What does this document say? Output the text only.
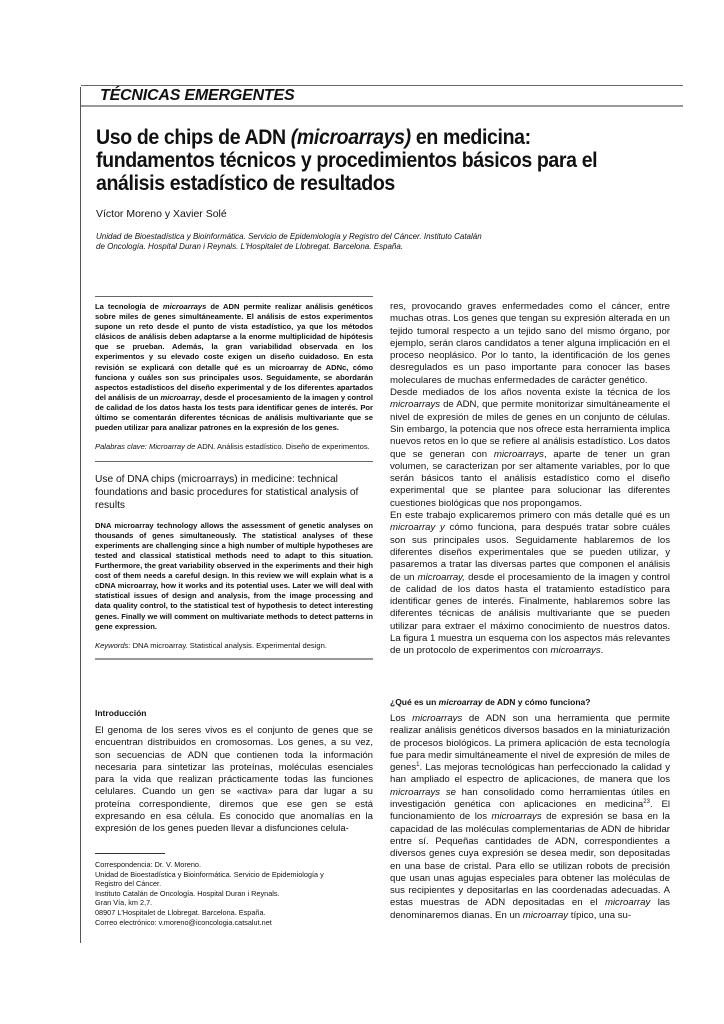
TÉCNICAS EMERGENTES
Uso de chips de ADN (microarrays) en medicina:
fundamentos técnicos y procedimientos básicos para el
análisis estadístico de resultados
Víctor Moreno y Xavier Solé
Unidad de Bioestadística y Bioinformática. Servicio de Epidemiología y Registro del Cáncer. Instituto Catalán
de Oncología. Hospital Duran i Reynals. L'Hospitalet de Llobregat. Barcelona. España.
La tecnología de microarrays de ADN permite realizar análisis genéticos sobre miles de genes simultáneamente. El análisis de estos experimentos supone un reto desde el punto de vista estadístico, ya que los métodos clásicos de análisis deben adaptarse a la enorme multiplicidad de hipótesis que se prueban. Además, la gran variabilidad observada en los experimentos y su elevado coste exigen un diseño cuidadoso. En esta revisión se explicará con detalle qué es un microarray de ADNc, cómo funciona y cuáles son sus principales usos. Seguidamente, se abordarán aspectos estadísticos del diseño experimental y de los diferentes apartados del análisis de un microarray, desde el procesamiento de la imagen y control de calidad de los datos hasta los tests para identificar genes de interés. Por último se comentarán diferentes técnicas de análisis multivariante que se pueden utilizar para analizar patrones en la expresión de los genes.
Palabras clave: Microarray de ADN. Análisis estadístico. Diseño de experimentos.
Use of DNA chips (microarrays) in medicine: technical foundations and basic procedures for statistical analysis of results
DNA microarray technology allows the assessment of genetic analyses on thousands of genes simultaneously. The statistical analyses of these experiments are challenging since a high number of multiple hypotheses are tested and classical statistical methods need to adapt to this situation. Furthermore, the great variability observed in the experiments and their high cost of them needs a careful design. In this review we will explain what is a cDNA microarray, how it works and its potential uses. Later we will deal with statistical issues of design and analysis, from the image processing and data quality control, to the statistical test of hypothesis to detect interesting genes. Finally we will comment on multivariate methods to detect patterns in gene expression.
Keywords: DNA microarray. Statistical analysis. Experimental design.
Introducción

El genoma de los seres vivos es el conjunto de genes que se encuentran distribuidos en cromosomas. Los genes, a su vez, son secuencias de ADN que contienen toda la información necesaria para sintetizar las proteínas, moléculas esenciales para la vida que realizan prácticamente todas las funciones celulares. Cuando un gen se «activa» para dar lugar a su proteína correspondiente, diremos que ese gen se está expresando en esa célula. Es conocido que anomalías en la expresión de los genes pueden llevar a disfunciones celula-

Correspondencia: Dr. V. Moreno.
Unidad de Bioestadística y Bioinformática. Servicio de Epidemiología y
Registro del Cáncer.
Instituto Catalán de Oncología. Hospital Duran i Reynals.
Gran Vía, km 2,7.
08907 L'Hospitalet de Llobregat. Barcelona. España.
Correo electrónico: v.moreno@iconcologia.catsalut.net

res, provocando graves enfermedades como el cáncer, entre muchas otras. Los genes que tengan su expresión alterada en un tejido tumoral respecto a un tejido sano del mismo órgano, por ejemplo, serán claros candidatos a tener alguna implicación en el proceso neoplásico. Por lo tanto, la identificación de los genes desregulados es un paso importante para conocer las bases moleculares de muchas enfermedades de carácter genético.

Desde mediados de los años noventa existe la técnica de los microarrays de ADN, que permite monitorizar simultáneamente el nivel de expresión de miles de genes en un conjunto de células. Sin embargo, la potencia que nos ofrece esta herramienta implica nuevos retos en lo que se refiere al análisis estadístico. Los datos que se generan con microarrays, aparte de tener un gran volumen, se caracterizan por ser altamente variables, por lo que serán básicos tanto el análisis estadístico como el diseño experimental que se plantee para solucionar las diferentes cuestiones biológicas que nos propongamos.

En este trabajo explicaremos primero con más detalle qué es un microarray y cómo funciona, para después tratar sobre cuáles son sus principales usos. Seguidamente hablaremos de los diferentes diseños experimentales que se pueden utilizar, y pasaremos a tratar las diversas partes que componen el análisis de un microarray, desde el procesamiento de la imagen y control de calidad de los datos hasta el tratamiento estadístico para identificar genes de interés. Finalmente, hablaremos sobre las diferentes técnicas de análisis multivariante que se pueden utilizar para extraer el máximo conocimiento de nuestros datos. La figura 1 muestra un esquema con los aspectos más relevantes de un protocolo de experimentos con microarrays.

¿Qué es un microarray de ADN y cómo funciona?

Los microarrays de ADN son una herramienta que permite realizar análisis genéticos diversos basados en la miniaturización de procesos biológicos. La primera aplicación de esta tecnología fue para medir simultáneamente el nivel de expresión de miles de genes$^1$. Las mejoras tecnológicas han perfeccionado la calidad y han ampliado el espectro de aplicaciones, de manera que los microarrays se han consolidado como herramientas útiles en investigación genética con aplicaciones en medicina$^{23}$. El funcionamiento de los microarrays de expresión se basa en la capacidad de las moléculas complementarias de ADN de hibridar entre sí. Pequeñas cantidades de ADN, correspondientes a diversos genes cuya expresión se desea medir, son depositadas en una base de cristal. Para ello se utilizan robots de precisión que usan unas agujas especiales para obtener las moléculas de sus recipientes y depositarlas en las coordenadas adecuadas. A estas muestras de ADN depositadas en el microarray las denominaremos dianas. En un microarray típico, una su-
